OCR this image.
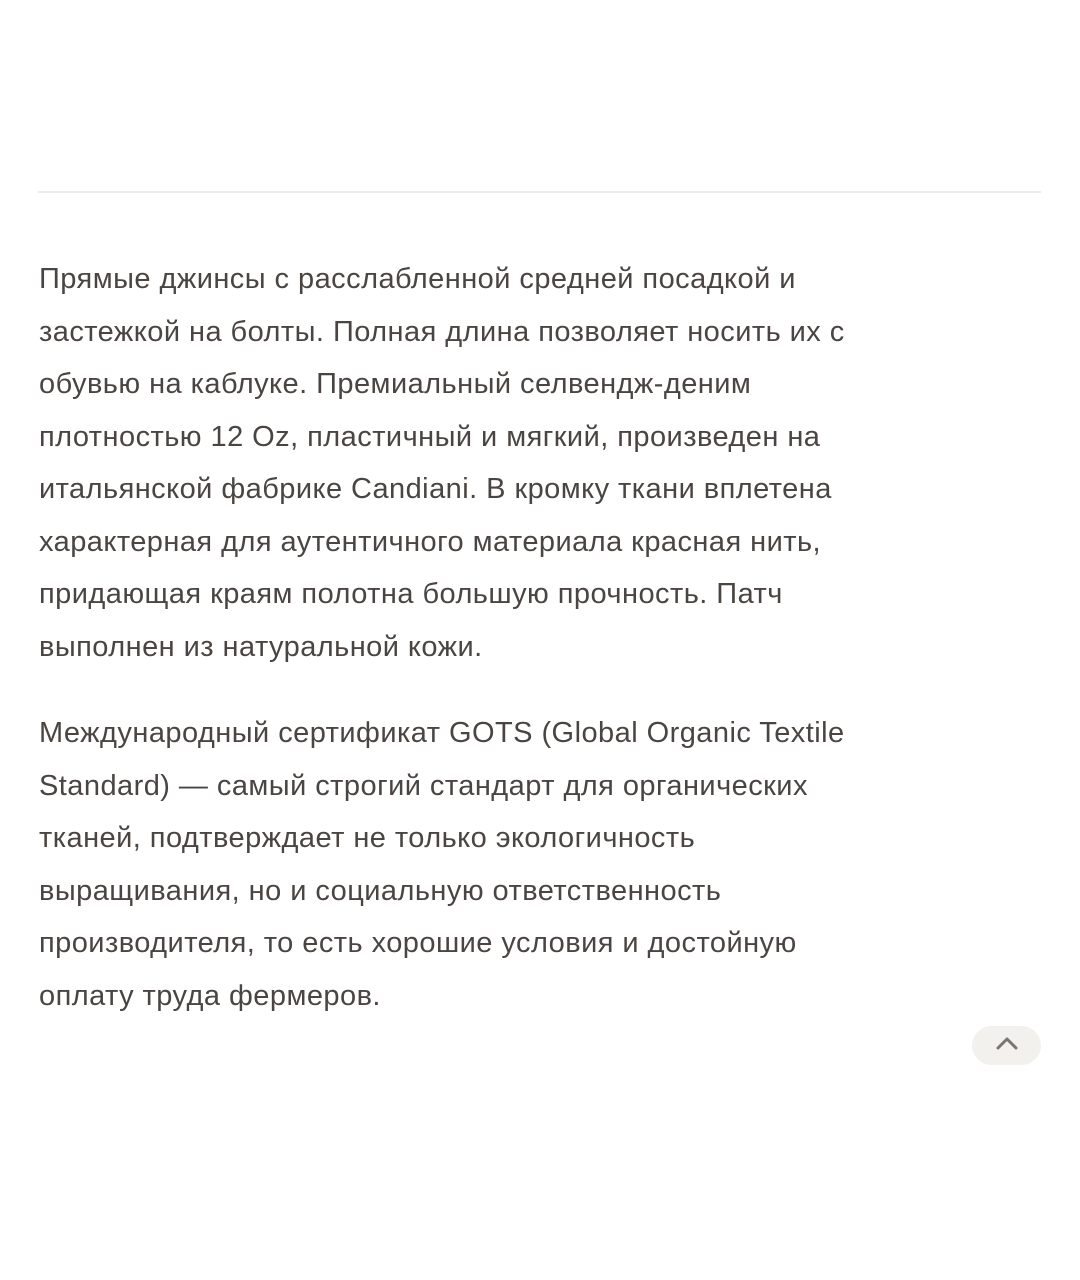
Прямые джинсы с расслабленной средней посадкой и
застежкой на болты. Полная длина позволяет носить их с
обувью на каблуке. Премиальный селвендж-деним
плотностью 12 Oz, пластичный и мягкий, произведен на
итальянской фабрике Candiani. В кромку ткани вплетена
характерная для аутентичного материала красная нить,
придающая краям полотна большую прочность. Патч
выполнен из натуральной кожи.

Международный сертификат GOTS (Global Organic Textile
Standard) — самый строгий стандарт для органических
тканей, подтверждает не только экологичность
выращивания, но и социальную ответственность
производителя, то есть хорошие условия и достойную
оплату труда фермеров.
